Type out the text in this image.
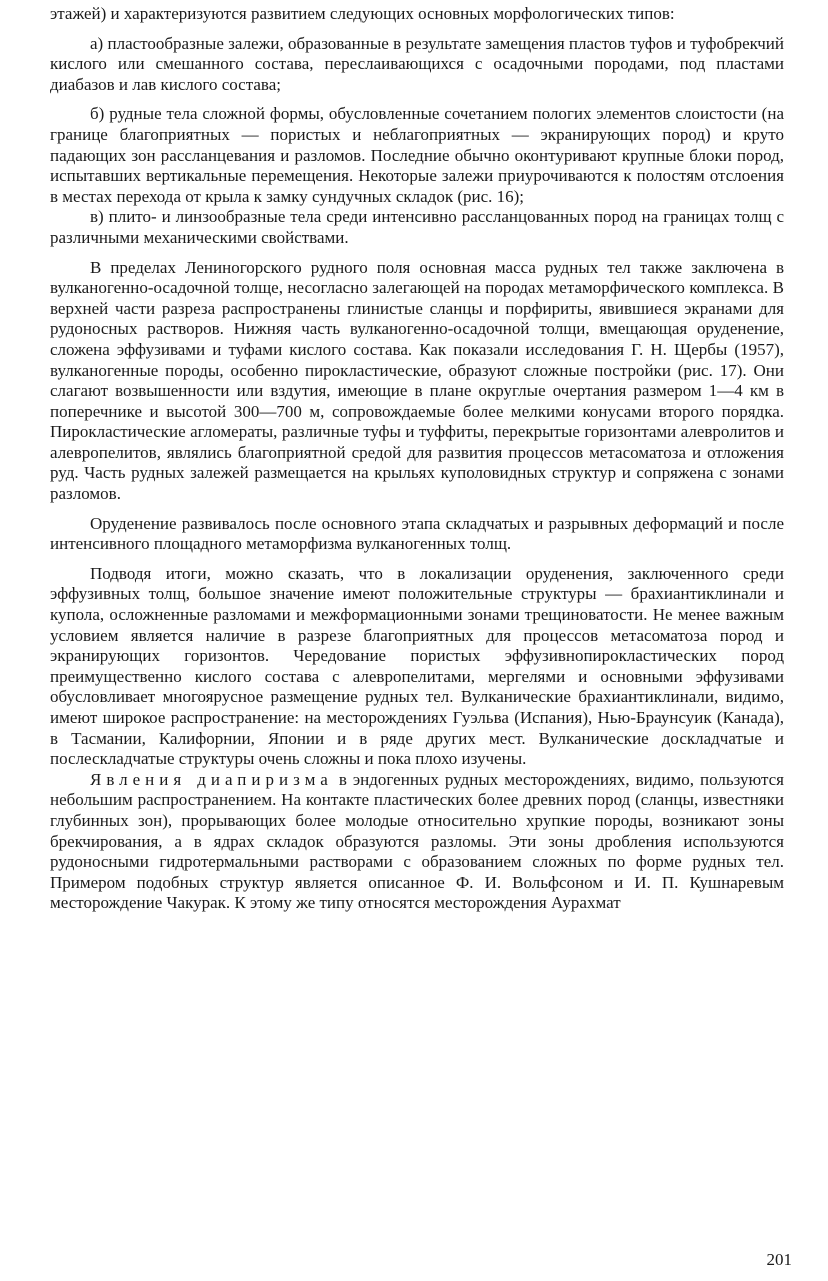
этажей) и характеризуются развитием следующих основных морфологических типов:

а) пластообразные залежи, образованные в результате замещения пластов туфов и туфобрекчий кислого или смешанного состава, переслаивающихся с осадочными породами, под пластами диабазов и лав кислого состава;

б) рудные тела сложной формы, обусловленные сочетанием пологих элементов слоистости (на границе благоприятных — пористых и неблагоприятных — экранирующих пород) и круто падающих зон рассланцевания и разломов. Последние обычно оконтуривают крупные блоки пород, испытавших вертикальные перемещения. Некоторые залежи приурочиваются к полостям отслоения в местах перехода от крыла к замку сундучных складок (рис. 16);

в) плито- и линзообразные тела среди интенсивно рассланцованных пород на границах толщ с различными механическими свойствами.

В пределах Лениногорского рудного поля основная масса рудных тел также заключена в вулканогенно-осадочной толще, несогласно залегающей на породах метаморфического комплекса. В верхней части разреза распространены глинистые сланцы и порфириты, явившиеся экранами для рудоносных растворов. Нижняя часть вулканогенно-осадочной толщи, вмещающая оруденение, сложена эффузивами и туфами кислого состава. Как показали исследования Г. Н. Щербы (1957), вулканогенные породы, особенно пирокластические, образуют сложные постройки (рис. 17). Они слагают возвышенности или вздутия, имеющие в плане округлые очертания размером 1—4 км в поперечнике и высотой 300—700 м, сопровождаемые более мелкими конусами второго порядка. Пирокластические агломераты, различные туфы и туффиты, перекрытые горизонтами алевролитов и алевропелитов, являлись благоприятной средой для развития процессов метасоматоза и отложения руд. Часть рудных залежей размещается на крыльях куполовидных структур и сопряжена с зонами разломов.

Оруденение развивалось после основного этапа складчатых и разрывных деформаций и после интенсивного площадного метаморфизма вулканогенных толщ.

Подводя итоги, можно сказать, что в локализации оруденения, заключенного среди эффузивных толщ, большое значение имеют положительные структуры — брахиантиклинали и купола, осложненные разломами и межформационными зонами трещиноватости. Не менее важным условием является наличие в разрезе благоприятных для процессов метасоматоза пород и экранирующих горизонтов. Чередование пористых эффузивнопирокластических пород преимущественно кислого состава с алевропелитами, мергелями и основными эффузивами обусловливает многоярусное размещение рудных тел. Вулканические брахиантиклинали, видимо, имеют широкое распространение: на месторождениях Гуэльва (Испания), Нью-Браунсуик (Канада), в Тасмании, Калифорнии, Японии и в ряде других мест. Вулканические доскладчатые и послескладчатые структуры очень сложны и пока плохо изучены.

Явления диапиризма в эндогенных рудных месторождениях, видимо, пользуются небольшим распространением. На контакте пластических более древних пород (сланцы, известняки глубинных зон), прорывающих более молодые относительно хрупкие породы, возникают зоны брекчирования, а в ядрах складок образуются разломы. Эти зоны дробления используются рудоносными гидротермальными растворами с образованием сложных по форме рудных тел. Примером подобных структур является описанное Ф. И. Вольфсоном и И. П. Кушнаревым месторождение Чакурак. К этому же типу относятся месторождения Аурахмат

201
